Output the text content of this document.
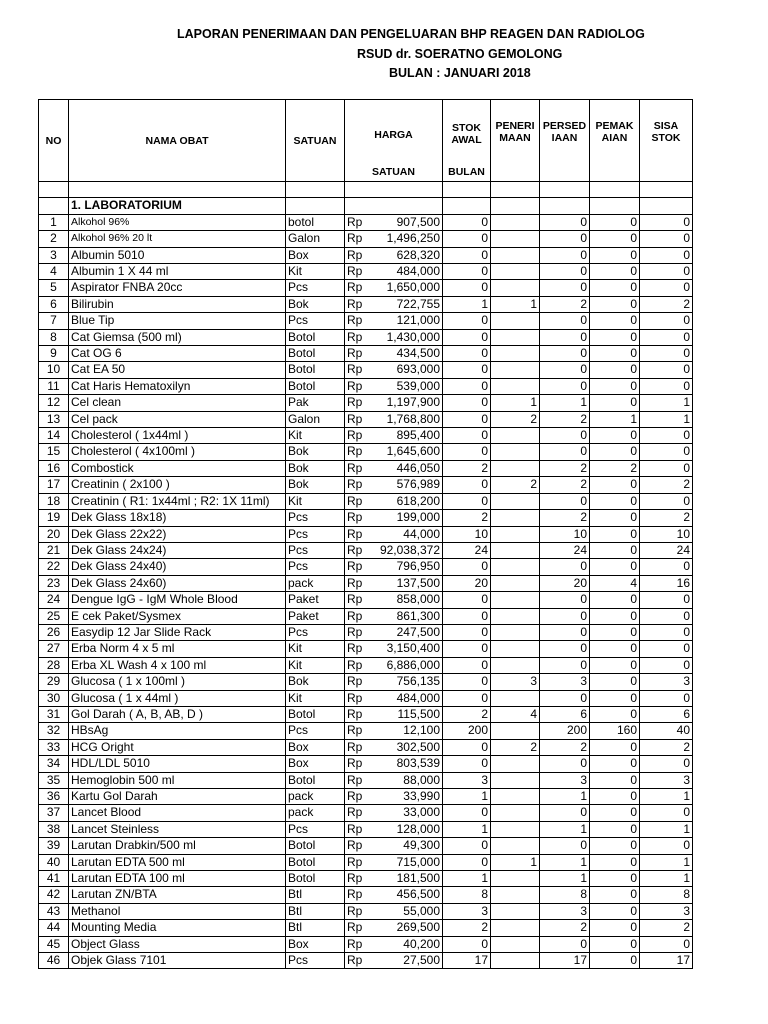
LAPORAN PENERIMAAN DAN PENGELUARAN BHP REAGEN DAN RADIOLOG
RSUD dr. SOERATNO GEMOLONG
BULAN : JANUARI 2018
NO	NAMA OBAT	SATUAN	HARGA		STOK AWAL	PENERI MAAN	PERSED IAAN	PEMAK AIAN	SISA STOK
			SATUAN		BULAN				

	1. LABORATORIUM								
1	Alkohol 96%	botol	Rp	907,500	0		0	0	0
2	Alkohol 96% 20 lt	Galon	Rp	1,496,250	0		0	0	0
3	Albumin 5010	Box	Rp	628,320	0		0	0	0
4	Albumin 1 X 44 ml	Kit	Rp	484,000	0		0	0	0
5	Aspirator FNBA 20cc	Pcs	Rp	1,650,000	0		0	0	0
6	Bilirubin	Bok	Rp	722,755	1	1	2	0	2
7	Blue Tip	Pcs	Rp	121,000	0		0	0	0
8	Cat Giemsa (500 ml)	Botol	Rp	1,430,000	0		0	0	0
9	Cat OG 6	Botol	Rp	434,500	0		0	0	0
10	Cat EA 50	Botol	Rp	693,000	0		0	0	0
11	Cat Haris Hematoxilyn	Botol	Rp	539,000	0		0	0	0
12	Cel clean	Pak	Rp	1,197,900	0	1	1	0	1
13	Cel pack	Galon	Rp	1,768,800	0	2	2	1	1
14	Cholesterol ( 1x44ml )	Kit	Rp	895,400	0		0	0	0
15	Cholesterol ( 4x100ml )	Bok	Rp	1,645,600	0		0	0	0
16	Combostick	Bok	Rp	446,050	2		2	2	0
17	Creatinin ( 2x100 )	Bok	Rp	576,989	0	2	2	0	2
18	Creatinin ( R1: 1x44ml ; R2: 1X 11ml)	Kit	Rp	618,200	0		0	0	0
19	Dek Glass 18x18)	Pcs	Rp	199,000	2		2	0	2
20	Dek Glass 22x22)	Pcs	Rp	44,000	10		10	0	10
21	Dek Glass 24x24)	Pcs	Rp	92,038,372	24		24	0	24
22	Dek Glass 24x40)	Pcs	Rp	796,950	0		0	0	0
23	Dek Glass 24x60)	pack	Rp	137,500	20		20	4	16
24	Dengue IgG - IgM Whole Blood	Paket	Rp	858,000	0		0	0	0
25	E cek Paket/Sysmex	Paket	Rp	861,300	0		0	0	0
26	Easydip 12 Jar Slide Rack	Pcs	Rp	247,500	0		0	0	0
27	Erba Norm 4 x 5 ml	Kit	Rp	3,150,400	0		0	0	0
28	Erba XL Wash 4 x 100 ml	Kit	Rp	6,886,000	0		0	0	0
29	Glucosa ( 1 x 100ml )	Bok	Rp	756,135	0	3	3	0	3
30	Glucosa ( 1 x 44ml )	Kit	Rp	484,000	0		0	0	0
31	Gol Darah ( A, B, AB, D )	Botol	Rp	115,500	2	4	6	0	6
32	HBsAg	Pcs	Rp	12,100	200		200	160	40
33	HCG Oright	Box	Rp	302,500	0	2	2	0	2
34	HDL/LDL 5010	Box	Rp	803,539	0		0	0	0
35	Hemoglobin 500 ml	Botol	Rp	88,000	3		3	0	3
36	Kartu Gol Darah	pack	Rp	33,990	1		1	0	1
37	Lancet Blood	pack	Rp	33,000	0		0	0	0
38	Lancet Steinless	Pcs	Rp	128,000	1		1	0	1
39	Larutan Drabkin/500 ml	Botol	Rp	49,300	0		0	0	0
40	Larutan EDTA 500 ml	Botol	Rp	715,000	0	1	1	0	1
41	Larutan EDTA 100 ml	Botol	Rp	181,500	1		1	0	1
42	Larutan ZN/BTA	Btl	Rp	456,500	8		8	0	8
43	Methanol	Btl	Rp	55,000	3		3	0	3
44	Mounting Media	Btl	Rp	269,500	2		2	0	2
45	Object Glass	Box	Rp	40,200	0		0	0	0
46	Objek Glass 7101	Pcs	Rp	27,500	17		17	0	17
